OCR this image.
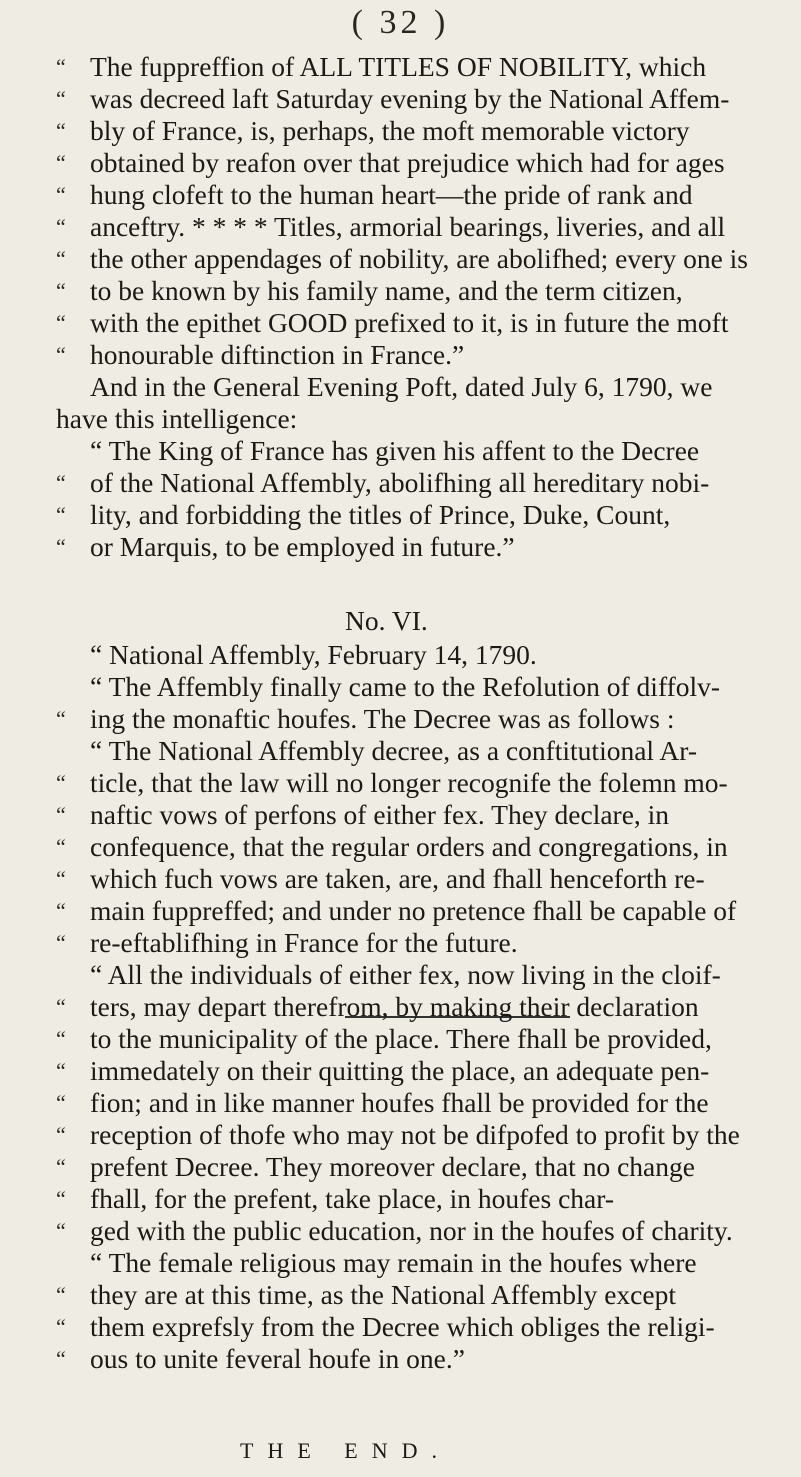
( 32 )
“ The fuppreffion of ALL TITLES OF NOBILITY, which
“ was decreed laft Saturday evening by the National Affem-
“ bly of France, is, perhaps, the moft memorable victory
“ obtained by reafon over that prejudice which had for ages
“ hung clofeft to the human heart—the pride of rank and
“ anceftry. * * * * Titles, armorial bearings, liveries, and all
“ the other appendages of nobility, are abolifhed; every one is
“ to be known by his family name, and the term citizen,
“ with the epithet GOOD prefixed to it, is in future the moft
“ honourable diftinction in France.”
And in the General Evening Poft, dated July 6, 1790, we
have this intelligence:
“ The King of France has given his affent to the Decree
“ of the National Affembly, abolifhing all hereditary nobi-
“ lity, and forbidding the titles of Prince, Duke, Count,
“ or Marquis, to be employed in future.”
No. VI.
“ National Affembly, February 14, 1790.
“ The Affembly finally came to the Refolution of diffolv-
“ ing the monaftic houfes. The Decree was as follows :
“ The National Affembly decree, as a conftitutional Ar-
“ ticle, that the law will no longer recognife the folemn mo-
“ naftic vows of perfons of either fex. They declare, in
“ confequence, that the regular orders and congregations, in
“ which fuch vows are taken, are, and fhall henceforth re-
“ main fuppreffed; and under no pretence fhall be capable of
“ re-eftablifhing in France for the future.
“ All the individuals of either fex, now living in the cloif-
“ ters, may depart therefrom, by making their declaration
“ to the municipality of the place. There fhall be provided,
“ immedately on their quitting the place, an adequate pen-
“ fion; and in like manner houfes fhall be provided for the
“ reception of thofe who may not be difpofed to profit by the
“ prefent Decree. They moreover declare, that no change
“ fhall, for the prefent, take place, in houfes char-
“ ged with the public education, nor in the houfes of charity.
“ The female religious may remain in the houfes where
“ they are at this time, as the National Affembly except
“ them exprefsly from the Decree which obliges the religi-
“ ous to unite feveral houfe in one.”
THE END.
